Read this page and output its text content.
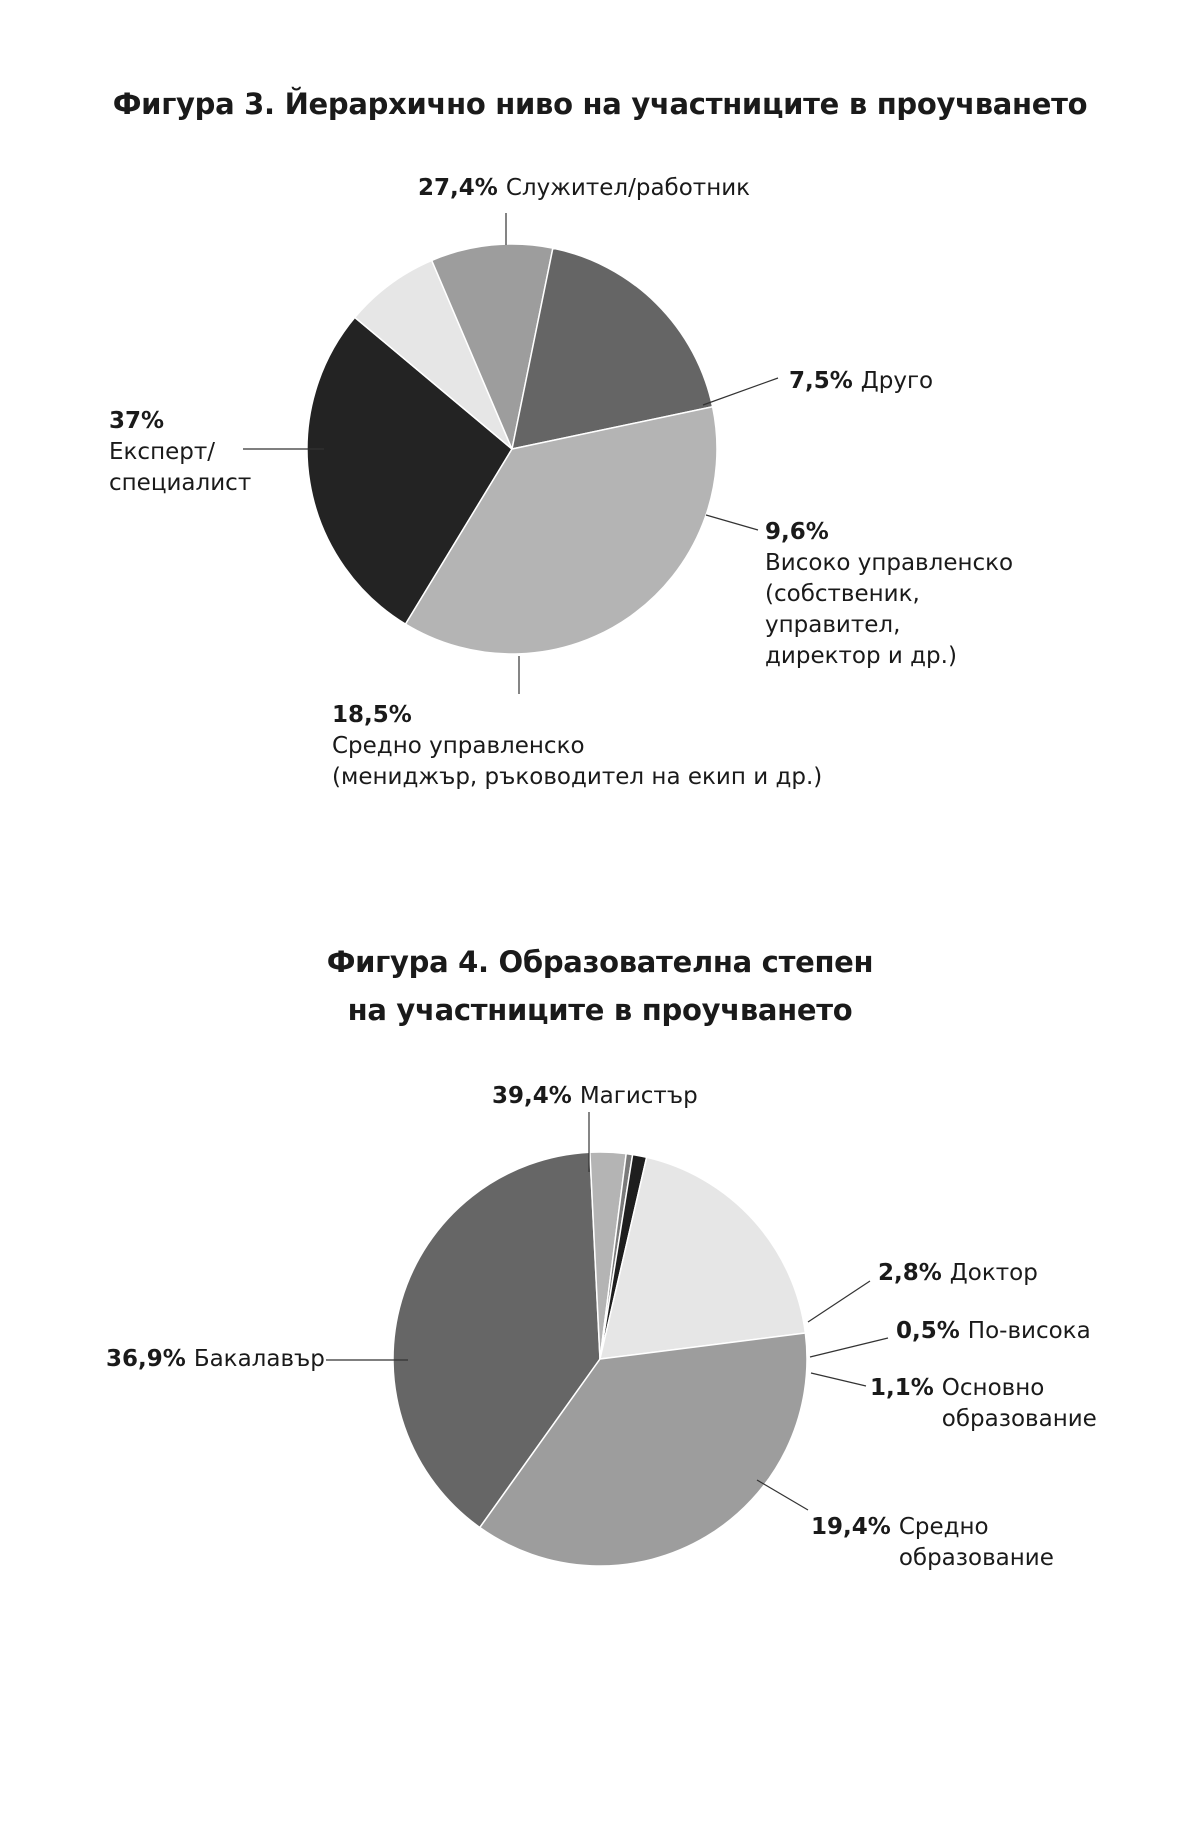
Фигура 3. Йерархично ниво на участниците в проучването
27,4% Служител/работник
7,5% Друго
9,6% Високо управленско (собственик, управител, директор и др.)
18,5% Средно управленско (мениджър, ръководител на екип и др.)
37% Експерт/ специалист
Фигура 4. Образователна степен
на участниците в проучването
39,4% Магистър
2,8% Доктор
0,5% По-висока
1,1% Основно образование
19,4% Средно образование
36,9% Бакалавър
